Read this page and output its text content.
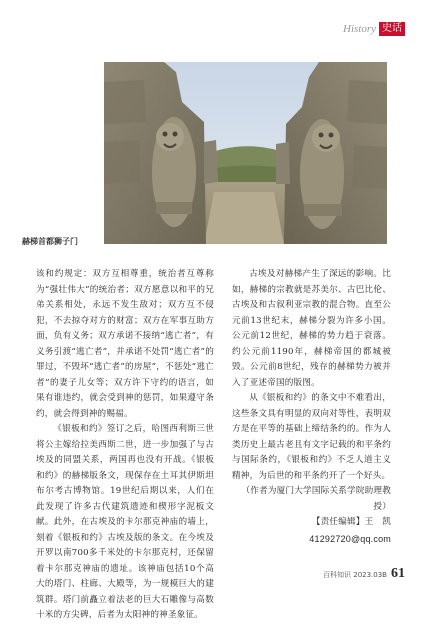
History 史话
赫梯首都狮子门

该和约规定：双方互相尊重，统治者互尊称为“强壮伟大”的统治者；双方愿意以和平的兄弟关系相处，永远不发生敌对；双方互不侵犯，不去掠夺对方的财富；双方在军事互助方面，负有义务；双方承诺不接纳“逃亡者”，有义务引渡“逃亡者”，并承诺不处罚“逃亡者”的罪过，不毁坏“逃亡者”的房屋”，不惩处“逃亡者”的妻子儿女等；双方许下守约的语言，如果有谁违约，就会受到神的惩罚，如果遵守条约，就会得到神的赐福。

《银板和约》签订之后，哈图西利斯三世将公主嫁给拉美西斯二世，进一步加强了与古埃及的同盟关系，两国再也没有开战。《银板和约》的赫梯版条文，现保存在土耳其伊斯坦布尔考古博物馆。19世纪后期以来，人们在此发现了许多古代建筑遗迹和楔形字泥板文献。此外，在古埃及的卡尔那克神庙的墙上，刻着《银板和约》古埃及版的条文。在今埃及开罗以南700多千米处的卡尔那克村，还保留着卡尔那克神庙的遗址。该神庙包括10个高大的塔门、柱廊、大殿等，为一规模巨大的建筑群。塔门前矗立着法老的巨大石雕像与高数十米的方尖碑，后者为太阳神的神圣象征。

古埃及对赫梯产生了深远的影响。比如，赫梯的宗教就是苏美尔、古巴比伦、古埃及和古叙利亚宗教的混合物。直至公元前13世纪末，赫梯分裂为许多小国。公元前12世纪，赫梯的势力趋于衰落。约公元前1190年，赫梯帝国的都城被毁。公元前8世纪，残存的赫梯势力被并入了亚述帝国的版图。

从《银板和约》的条文中不难看出，这些条文具有明显的双向对等性，表明双方是在平等的基础上缔结条约的。作为人类历史上最古老且有文字记载的和平条约与国际条约，《银板和约》不乏人道主义精神，为后世的和平条约开了一个好头。

（作者为厦门大学国际关系学院助理教授）
【责任编辑】王　凯
41292720@qq.com
百科知识 2023.03B 61
